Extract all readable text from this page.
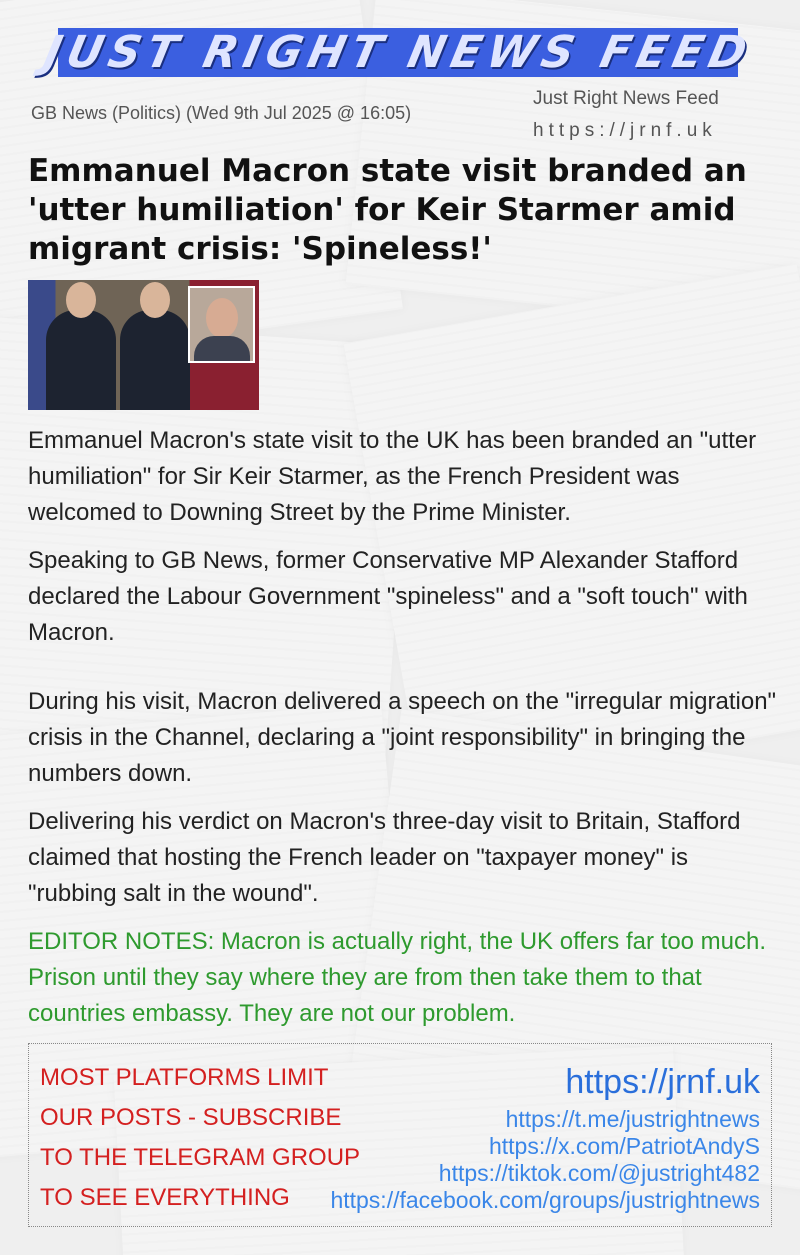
JUST RIGHT NEWS FEED
GB News (Politics) (Wed 9th Jul 2025 @ 16:05)
Just Right News Feed
https://jrnf.uk
Emmanuel Macron state visit branded an 'utter humiliation' for Keir Starmer amid migrant crisis: 'Spineless!'

Emmanuel Macron's state visit to the UK has been branded an "utter humiliation" for Sir Keir Starmer, as the French President was welcomed to Downing Street by the Prime Minister.

Speaking to GB News, former Conservative MP Alexander Stafford declared the Labour Government "spineless" and a "soft touch" with Macron.

During his visit, Macron delivered a speech on the "irregular migration" crisis in the Channel, declaring a "joint responsibility" in bringing the numbers down.

Delivering his verdict on Macron's three-day visit to Britain, Stafford claimed that hosting the French leader on "taxpayer money" is "rubbing salt in the wound".

EDITOR NOTES: Macron is actually right, the UK offers far too much. Prison until they say where they are from then take them to that countries embassy. They are not our problem.

MOST PLATFORMS LIMIT
OUR POSTS - SUBSCRIBE
TO THE TELEGRAM GROUP
TO SEE EVERYTHING
https://jrnf.uk
https://t.me/justrightnews
https://x.com/PatriotAndyS
https://tiktok.com/@justright482
https://facebook.com/groups/justrightnews
